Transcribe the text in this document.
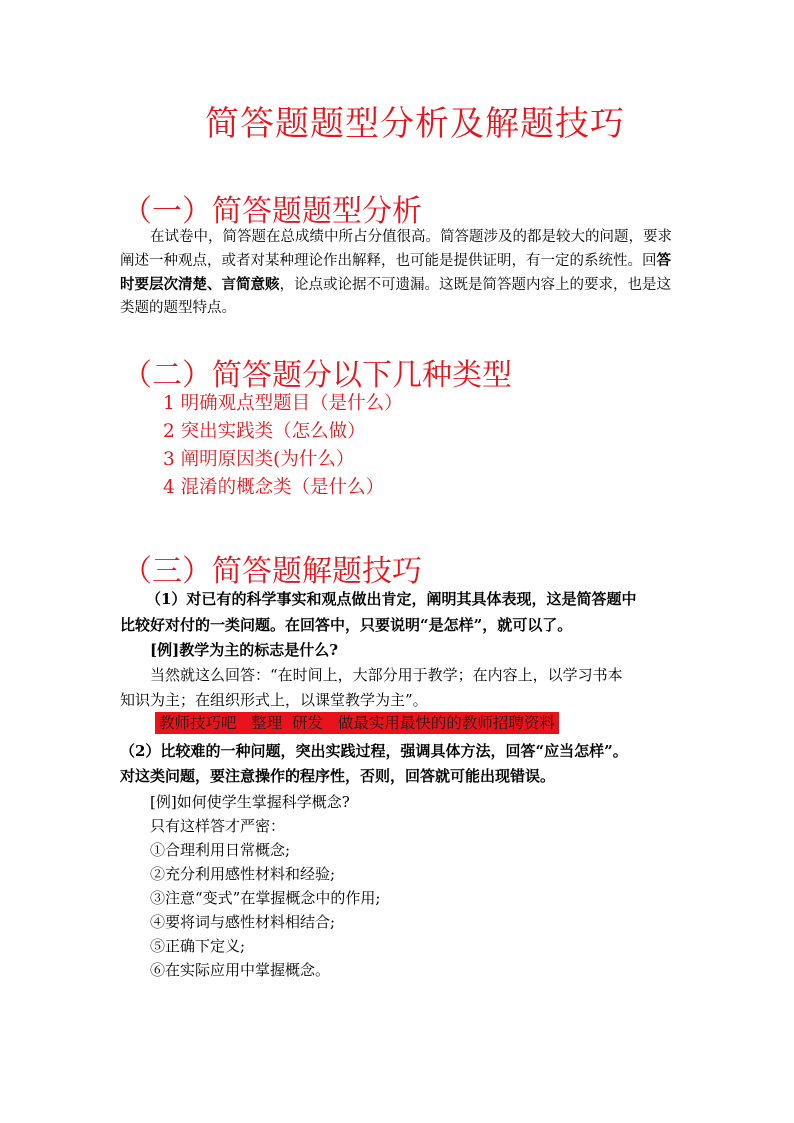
简答题题型分析及解题技巧
（一）简答题题型分析

在试卷中，简答题在总成绩中所占分值很高。简答题涉及的都是较大的问题，要求阐述一种观点，或者对某种理论作出解释，也可能是提供证明，有一定的系统性。回答时要层次清楚、言简意赅，论点或论据不可遗漏。这既是简答题内容上的要求，也是这类题的题型特点。

（二）简答题分以下几种类型
1 明确观点型题目（是什么）
2 突出实践类（怎么做）
3 阐明原因类(为什么）
4 混淆的概念类（是什么）
（三）简答题解题技巧

（1）对已有的科学事实和观点做出肯定，阐明其具体表现，这是简答题中

比较好对付的一类问题。在回答中，只要说明“是怎样”，就可以了。

[例]教学为主的标志是什么?

当然就这么回答：“在时间上，大部分用于教学；在内容上，以学习书本

知识为主；在组织形式上，以课堂教学为主”。

教师技巧吧   整理  研发   做最实用最快的的教师招聘资料

（2）比较难的一种问题，突出实践过程，强调具体方法，回答“应当怎样”。

对这类问题，要注意操作的程序性，否则，回答就可能出现错误。

[例]如何使学生掌握科学概念?

只有这样答才严密：

①合理利用日常概念;

②充分利用感性材料和经验;

③注意“变式”在掌握概念中的作用;

④要将词与感性材料相结合;

⑤正确下定义;

⑥在实际应用中掌握概念。
